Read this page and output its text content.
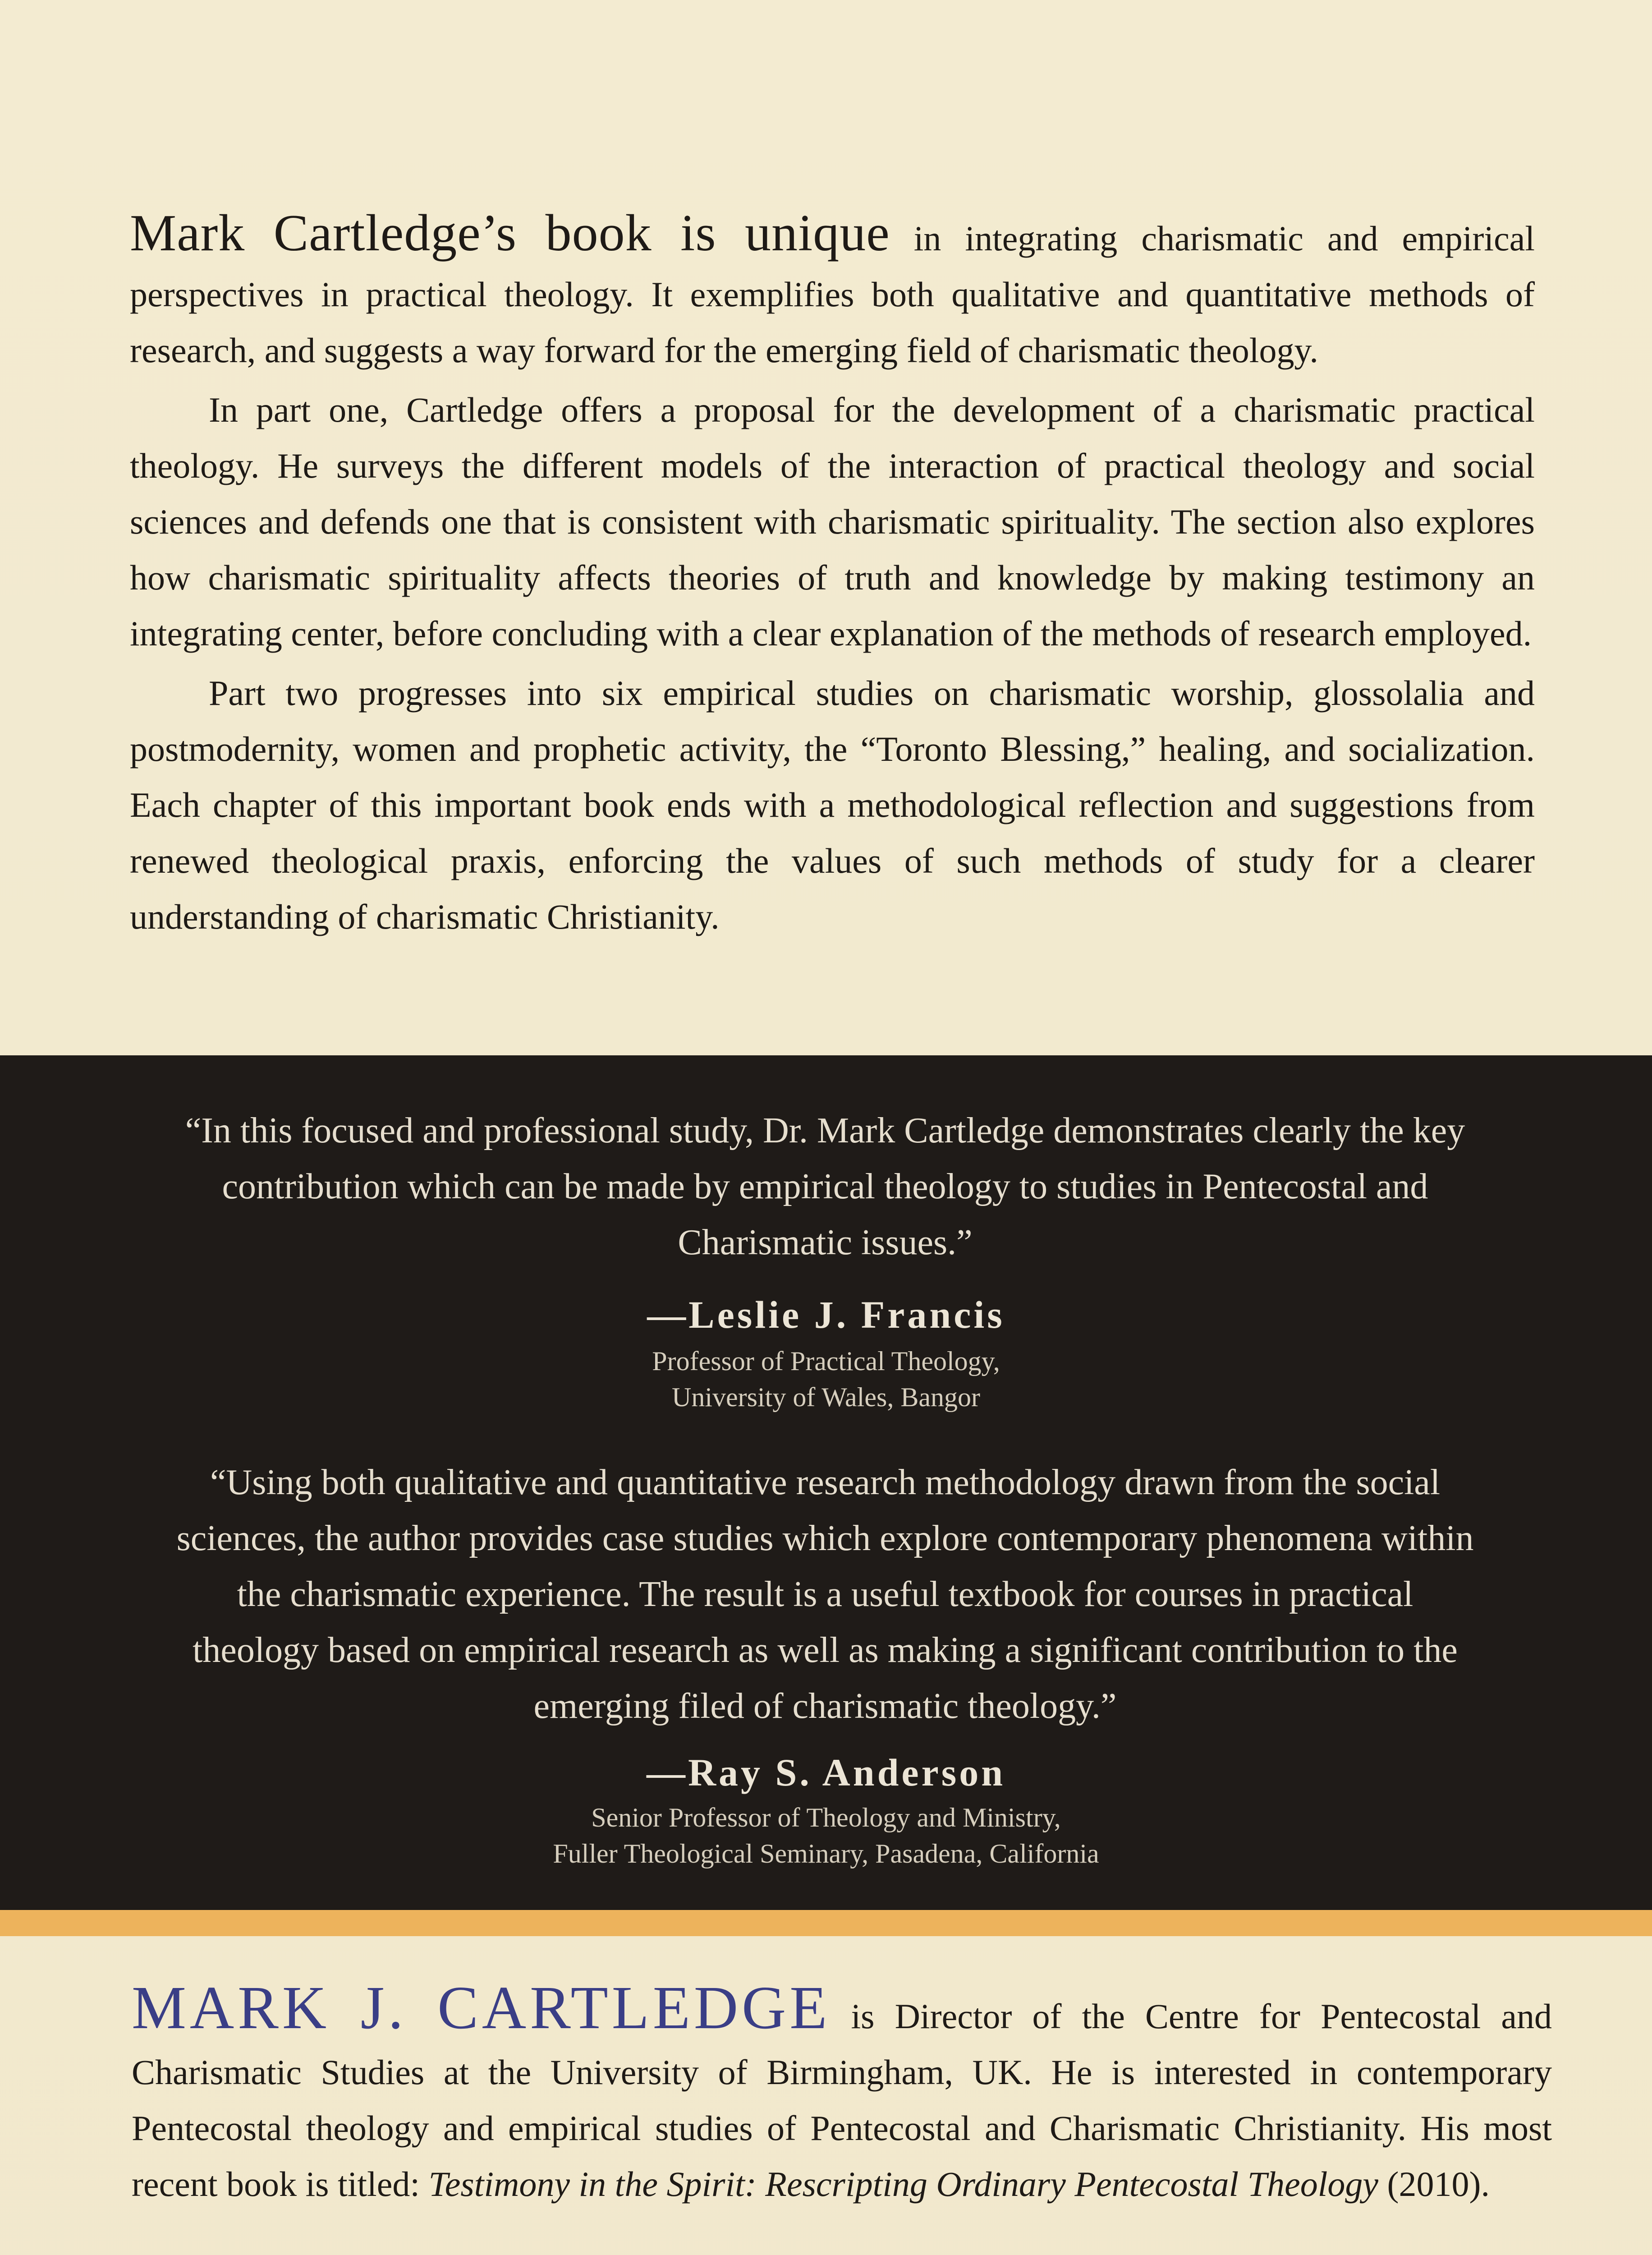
Mark Cartledge’s book is unique in integrating charismatic and empirical perspectives in practical theology. It exemplifies both qualitative and quantitative methods of research, and suggests a way forward for the emerging field of charismatic theology.

In part one, Cartledge offers a proposal for the development of a charismatic practical theology. He surveys the different models of the interaction of practical theology and social sciences and defends one that is consistent with charismatic spirituality. The section also explores how charismatic spirituality affects theories of truth and knowledge by making testimony an integrating center, before concluding with a clear explanation of the methods of research employed.

Part two progresses into six empirical studies on charismatic worship, glossolalia and postmodernity, women and prophetic activity, the “Toronto Blessing,” healing, and socialization. Each chapter of this important book ends with a methodological reflection and suggestions from renewed theological praxis, enforcing the values of such methods of study for a clearer understanding of charismatic Christianity.

“In this focused and professional study, Dr. Mark Cartledge demonstrates clearly the key contribution which can be made by empirical theology to studies in Pentecostal and Charismatic issues.”
—Leslie J. Francis
Professor of Practical Theology,
University of Wales, Bangor
“Using both qualitative and quantitative research methodology drawn from the social sciences, the author provides case studies which explore contemporary phenomena within the charismatic experience. The result is a useful textbook for courses in practical theology based on empirical research as well as making a significant contribution to the emerging filed of charismatic theology.”
—Ray S. Anderson
Senior Professor of Theology and Ministry,
Fuller Theological Seminary, Pasadena, California
MARK J. CARTLEDGE is Director of the Centre for Pentecostal and Charismatic Studies at the University of Birmingham, UK. He is interested in contemporary Pentecostal theology and empirical studies of Pentecostal and Charismatic Christianity. His most recent book is titled: Testimony in the Spirit: Rescripting Ordinary Pentecostal Theology (2010).
